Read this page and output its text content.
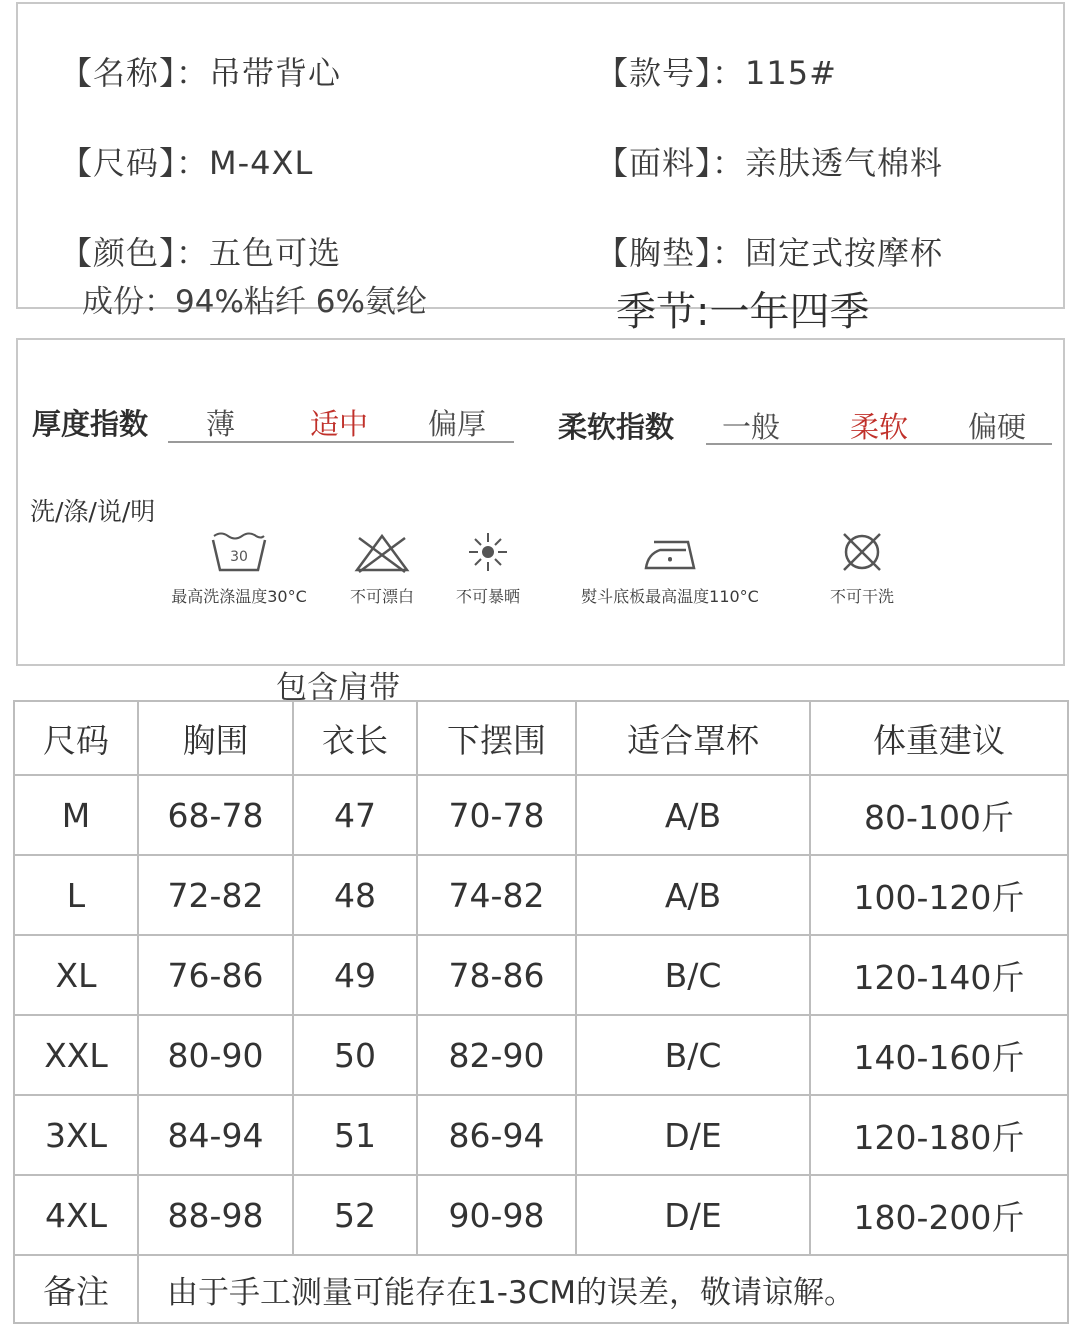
【名称】：吊带背心	【款号】：115#
【尺码】：M-4XL	【面料】：亲肤透气棉料
【颜色】：五色可选	【胸垫】：固定式按摩杯
成份：94%粘纤 6%氨纶	季节:一年四季
厚度指数 薄	适中 偏厚 柔软指数 一般 柔软 偏硬
洗/涤/说/明
30
最高洗涤温度30°C	不可漂白	不可暴晒	熨斗底板最高温度110°C	不可干洗
包含肩带
尺码	胸围	衣长	下摆围	适合罩杯	体重建议
M	68-78	47	70-78	A/B	80-100斤
L	72-82	48	74-82	A/B	100-120斤
XL	76-86	49	78-86	B/C	120-140斤
XXL	80-90	50	82-90	B/C	140-160斤
3XL	84-94	51	86-94	D/E	120-180斤
4XL	88-98	52	90-98	D/E	180-200斤
备注	由于手工测量可能存在1-3CM的误差，敬请谅解。				
